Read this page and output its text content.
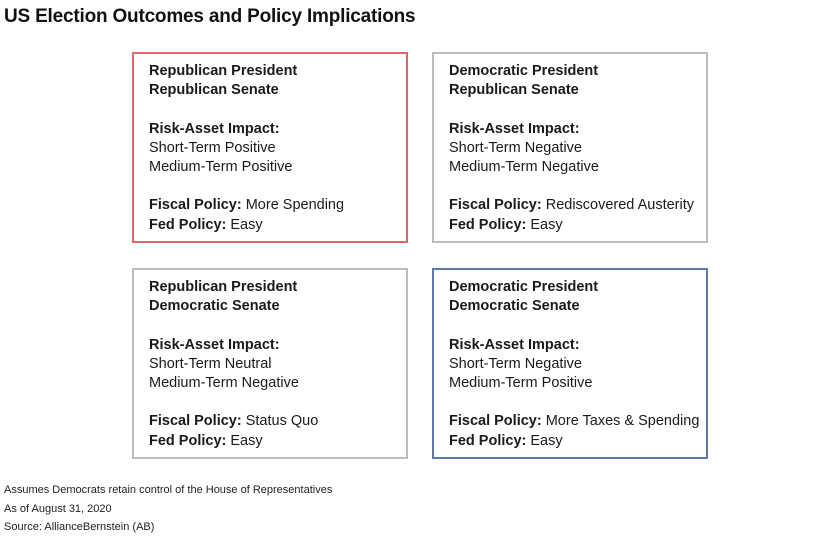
US Election Outcomes and Policy Implications
Republican President
Republican Senate
Risk-Asset Impact:
Short-Term Positive
Medium-Term Positive
Fiscal Policy: More Spending
Fed Policy: Easy
Democratic President
Republican Senate
Risk-Asset Impact:
Short-Term Negative
Medium-Term Negative
Fiscal Policy: Rediscovered Austerity
Fed Policy: Easy
Republican President
Democratic Senate
Risk-Asset Impact:
Short-Term Neutral
Medium-Term Negative
Fiscal Policy: Status Quo
Fed Policy: Easy
Democratic President
Democratic Senate
Risk-Asset Impact:
Short-Term Negative
Medium-Term Positive
Fiscal Policy: More Taxes & Spending
Fed Policy: Easy
Assumes Democrats retain control of the House of Representatives
As of August 31, 2020
Source: AllianceBernstein (AB)
